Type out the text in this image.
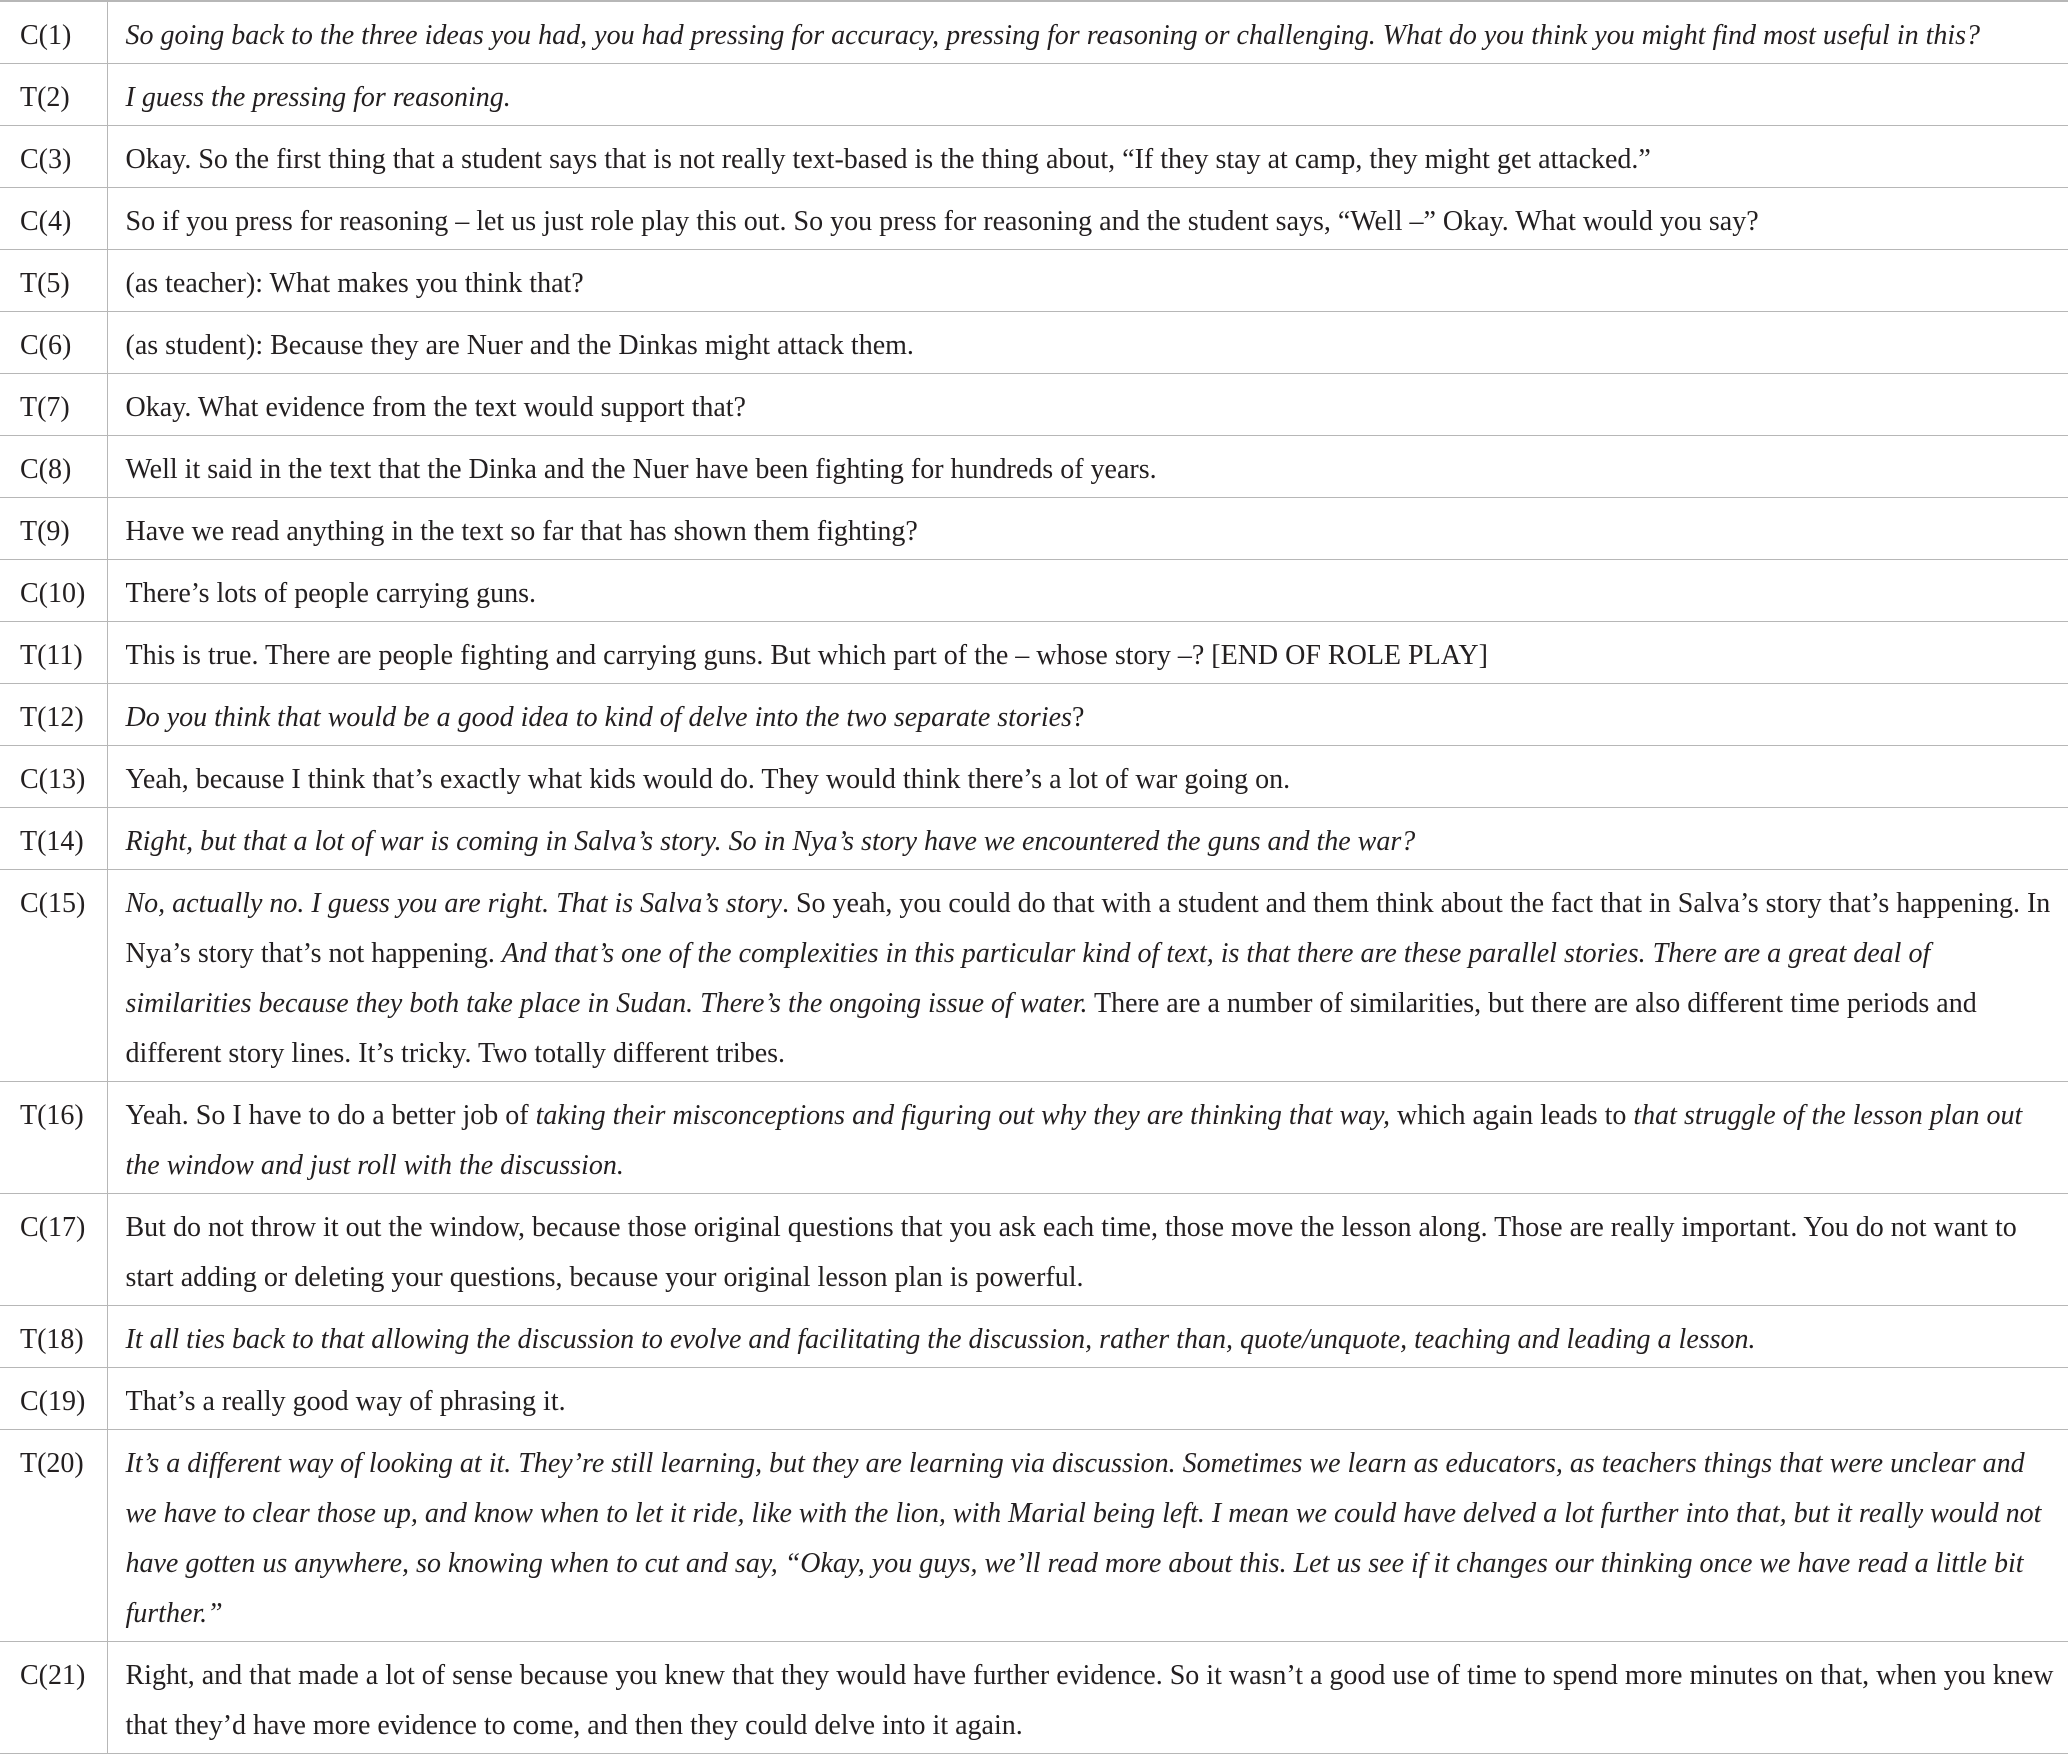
C(1)	So going back to the three ideas you had, you had pressing for accuracy, pressing for reasoning or challenging. What do you think you might find most useful in this?
T(2)	I guess the pressing for reasoning.
C(3)	Okay. So the first thing that a student says that is not really text-based is the thing about, “If they stay at camp, they might get attacked.”
C(4)	So if you press for reasoning – let us just role play this out. So you press for reasoning and the student says, “Well –” Okay. What would you say?
T(5)	(as teacher): What makes you think that?
C(6)	(as student): Because they are Nuer and the Dinkas might attack them.
T(7)	Okay. What evidence from the text would support that?
C(8)	Well it said in the text that the Dinka and the Nuer have been fighting for hundreds of years.
T(9)	Have we read anything in the text so far that has shown them fighting?
C(10)	There’s lots of people carrying guns.
T(11)	This is true. There are people fighting and carrying guns. But which part of the – whose story –? [END OF ROLE PLAY]
T(12)	Do you think that would be a good idea to kind of delve into the two separate stories?
C(13)	Yeah, because I think that’s exactly what kids would do. They would think there’s a lot of war going on.
T(14)	Right, but that a lot of war is coming in Salva’s story. So in Nya’s story have we encountered the guns and the war?
C(15)	No, actually no. I guess you are right. That is Salva’s story. So yeah, you could do that with a student and them think about the fact that in Salva’s story that’s happening. In Nya’s story that’s not happening. And that’s one of the complexities in this particular kind of text, is that there are these parallel stories. There are a great deal of similarities because they both take place in Sudan. There’s the ongoing issue of water. There are a number of similarities, but there are also different time periods and different story lines. It’s tricky. Two totally different tribes.
T(16)	Yeah. So I have to do a better job of taking their misconceptions and figuring out why they are thinking that way, which again leads to that struggle of the lesson plan out the window and just roll with the discussion.
C(17)	But do not throw it out the window, because those original questions that you ask each time, those move the lesson along. Those are really important. You do not want to start adding or deleting your questions, because your original lesson plan is powerful.
T(18)	It all ties back to that allowing the discussion to evolve and facilitating the discussion, rather than, quote/unquote, teaching and leading a lesson.
C(19)	That’s a really good way of phrasing it.
T(20)	It’s a different way of looking at it. They’re still learning, but they are learning via discussion. Sometimes we learn as educators, as teachers things that were unclear and we have to clear those up, and know when to let it ride, like with the lion, with Marial being left. I mean we could have delved a lot further into that, but it really would not have gotten us anywhere, so knowing when to cut and say, “Okay, you guys, we’ll read more about this. Let us see if it changes our thinking once we have read a little bit further.”
C(21)	Right, and that made a lot of sense because you knew that they would have further evidence. So it wasn’t a good use of time to spend more minutes on that, when you knew that they’d have more evidence to come, and then they could delve into it again.
